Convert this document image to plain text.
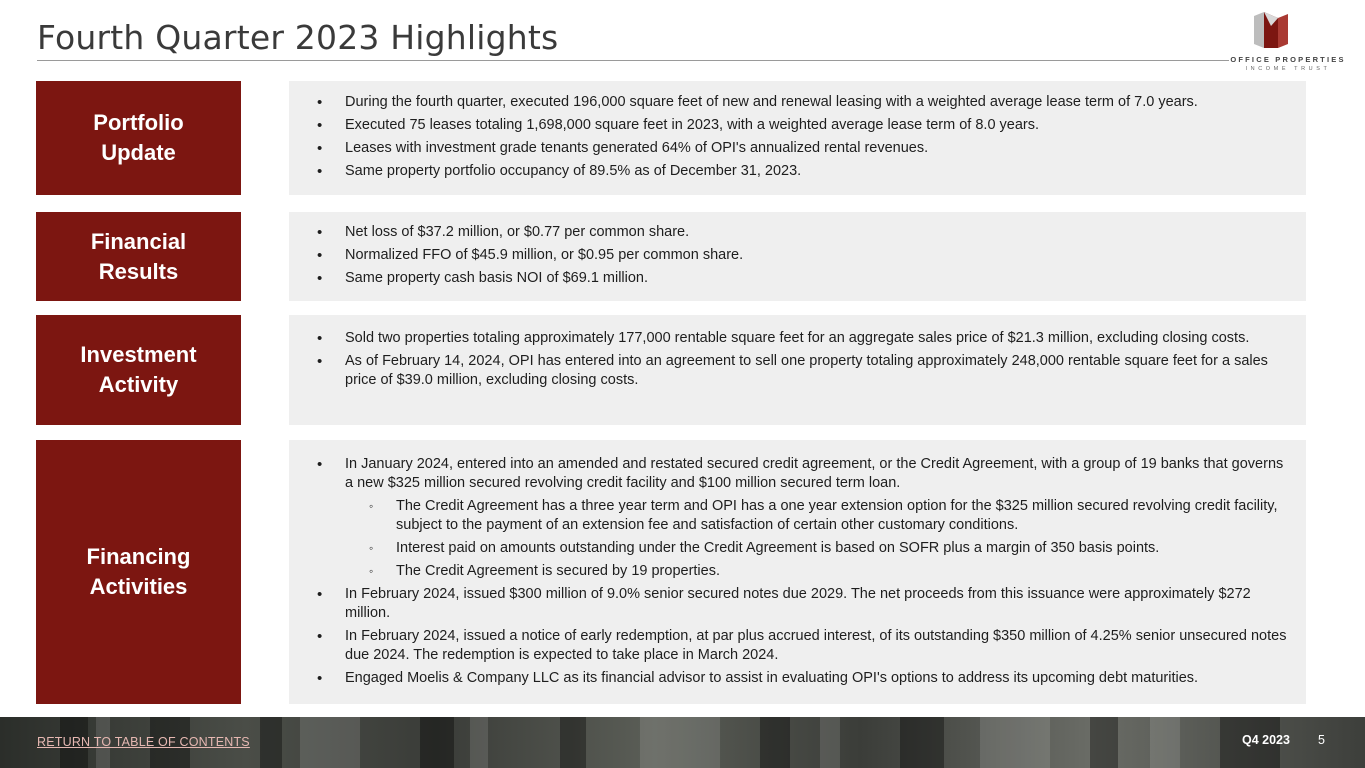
Fourth Quarter 2023 Highlights
OFFICE PROPERTIES
INCOME TRUST
Portfolio
Update
• During the fourth quarter, executed 196,000 square feet of new and renewal leasing with a weighted average lease term of 7.0 years.
• Executed 75 leases totaling 1,698,000 square feet in 2023, with a weighted average lease term of 8.0 years.
• Leases with investment grade tenants generated 64% of OPI's annualized rental revenues.
• Same property portfolio occupancy of 89.5% as of December 31, 2023.
Financial
Results
• Net loss of $37.2 million, or $0.77 per common share.
• Normalized FFO of $45.9 million, or $0.95 per common share.
• Same property cash basis NOI of $69.1 million.
Investment
Activity
• Sold two properties totaling approximately 177,000 rentable square feet for an aggregate sales price of $21.3 million, excluding closing costs.
• As of February 14, 2024, OPI has entered into an agreement to sell one property totaling approximately 248,000 rentable square feet for a sales price of $39.0 million, excluding closing costs.
Financing
Activities
• In January 2024, entered into an amended and restated secured credit agreement, or the Credit Agreement, with a group of 19 banks that governs a new $325 million secured revolving credit facility and $100 million secured term loan.
◦ The Credit Agreement has a three year term and OPI has a one year extension option for the $325 million secured revolving credit facility, subject to the payment of an extension fee and satisfaction of certain other customary conditions.
◦ Interest paid on amounts outstanding under the Credit Agreement is based on SOFR plus a margin of 350 basis points.
◦ The Credit Agreement is secured by 19 properties.
• In February 2024, issued $300 million of 9.0% senior secured notes due 2029. The net proceeds from this issuance were approximately $272 million.
• In February 2024, issued a notice of early redemption, at par plus accrued interest, of its outstanding $350 million of 4.25% senior unsecured notes due 2024. The redemption is expected to take place in March 2024.
• Engaged Moelis & Company LLC as its financial advisor to assist in evaluating OPI's options to address its upcoming debt maturities.
RETURN TO TABLE OF CONTENTS	Q4 2023 5
